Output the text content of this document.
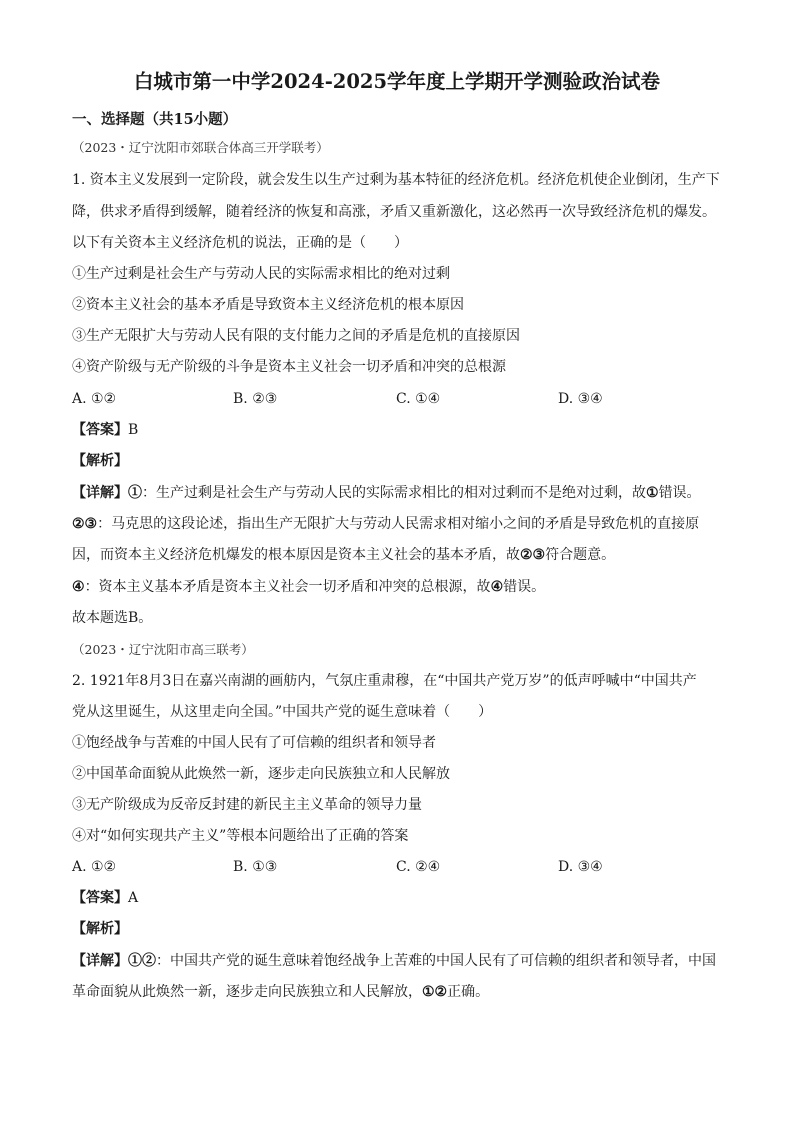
白城市第一中学2024-2025学年度上学期开学测验政治试卷
一、选择题（共15小题）
（2023・辽宁沈阳市郊联合体高三开学联考）
1. 资本主义发展到一定阶段，就会发生以生产过剩为基本特征的经济危机。经济危机使企业倒闭，生产下
降，供求矛盾得到缓解，随着经济的恢复和高涨，矛盾又重新激化，这必然再一次导致经济危机的爆发。
以下有关资本主义经济危机的说法，正确的是（　　）
①生产过剩是社会生产与劳动人民的实际需求相比的绝对过剩
②资本主义社会的基本矛盾是导致资本主义经济危机的根本原因
③生产无限扩大与劳动人民有限的支付能力之间的矛盾是危机的直接原因
④资产阶级与无产阶级的斗争是资本主义社会一切矛盾和冲突的总根源
A. ①②	B. ②③	C. ①④	D. ③④
【答案】B
【解析】
【详解】①：生产过剩是社会生产与劳动人民的实际需求相比的相对过剩而不是绝对过剩，故①错误。
②③：马克思的这段论述，指出生产无限扩大与劳动人民需求相对缩小之间的矛盾是导致危机的直接原
因，而资本主义经济危机爆发的根本原因是资本主义社会的基本矛盾，故②③符合题意。
④：资本主义基本矛盾是资本主义社会一切矛盾和冲突的总根源，故④错误。
故本题选B。
（2023・辽宁沈阳市高三联考）
2. 1921年8月3日在嘉兴南湖的画舫内，气氛庄重肃穆，在“中国共产党万岁”的低声呼喊中“中国共产
党从这里诞生，从这里走向全国。”中国共产党的诞生意味着（　　）
①饱经战争与苦难的中国人民有了可信赖的组织者和领导者
②中国革命面貌从此焕然一新，逐步走向民族独立和人民解放
③无产阶级成为反帝反封建的新民主主义革命的领导力量
④对“如何实现共产主义”等根本问题给出了正确的答案
A. ①②	B. ①③	C. ②④	D. ③④
【答案】A
【解析】
【详解】①②：中国共产党的诞生意味着饱经战争上苦难的中国人民有了可信赖的组织者和领导者，中国
革命面貌从此焕然一新，逐步走向民族独立和人民解放，①②正确。
